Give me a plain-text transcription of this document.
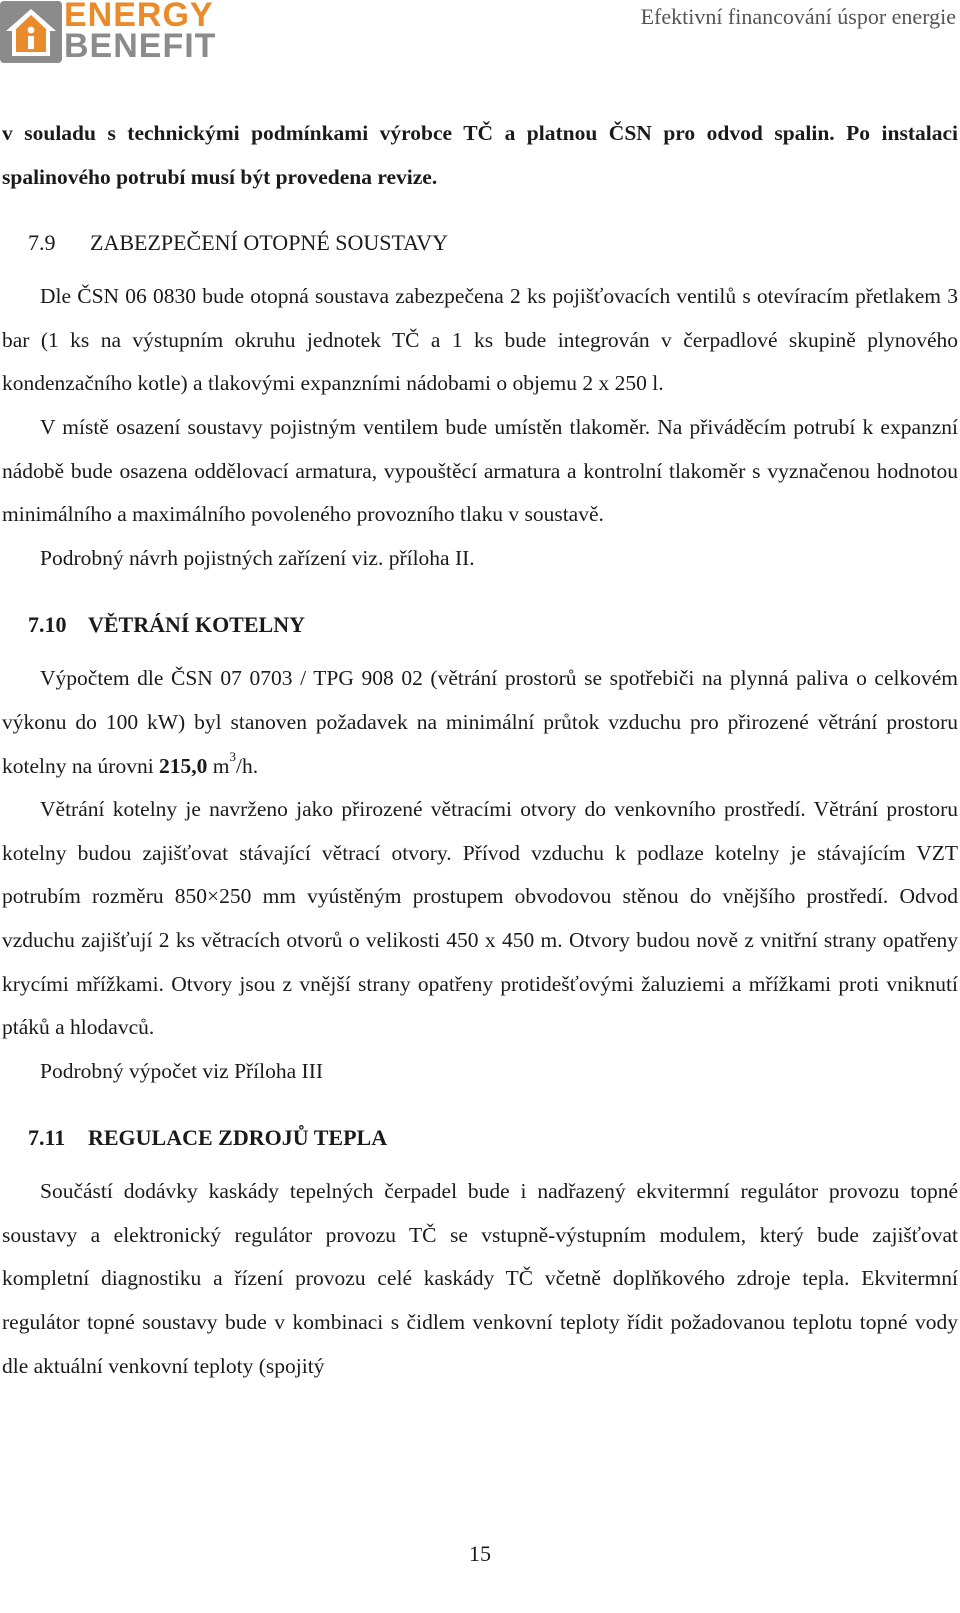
ENERGY
BENEFIT
Efektivní financování úspor energie

v souladu s technickými podmínkami výrobce TČ a platnou ČSN pro odvod spalin. Po instalaci spalinového potrubí musí být provedena revize.

7.9 ZABEZPEČENÍ OTOPNÉ SOUSTAVY

Dle ČSN 06 0830 bude otopná soustava zabezpečena 2 ks pojišťovacích ventilů s otevíracím přetlakem 3 bar (1 ks na výstupním okruhu jednotek TČ a 1 ks bude integrován v čerpadlové skupině plynového kondenzačního kotle) a tlakovými expanzními nádobami o objemu 2 x 250 l.

V místě osazení soustavy pojistným ventilem bude umístěn tlakoměr. Na přiváděcím potrubí k expanzní nádobě bude osazena oddělovací armatura, vypouštěcí armatura a kontrolní tlakoměr s vyznačenou hodnotou minimálního a maximálního povoleného provozního tlaku v soustavě.

Podrobný návrh pojistných zařízení viz. příloha II.

7.10 VĚTRÁNÍ KOTELNY

Výpočtem dle ČSN 07 0703 / TPG 908 02 (větrání prostorů se spotřebiči na plynná paliva o celkovém výkonu do 100 kW) byl stanoven požadavek na minimální průtok vzduchu pro přirozené větrání prostoru kotelny na úrovni 215,0 $m^3/h$.

Větrání kotelny je navrženo jako přirozené větracími otvory do venkovního prostředí. Větrání prostoru kotelny budou zajišťovat stávající větrací otvory. Přívod vzduchu k podlaze kotelny je stávajícím VZT potrubím rozměru 850×250 mm vyústěným prostupem obvodovou stěnou do vnějšího prostředí. Odvod vzduchu zajišťují 2 ks větracích otvorů o velikosti 450 x 450 m. Otvory budou nově z vnitřní strany opatřeny krycími mřížkami. Otvory jsou z vnější strany opatřeny protidešťovými žaluziemi a mřížkami proti vniknutí ptáků a hlodavců.

Podrobný výpočet viz Příloha III

7.11 REGULACE ZDROJŮ TEPLA

Součástí dodávky kaskády tepelných čerpadel bude i nadřazený ekvitermní regulátor provozu topné soustavy a elektronický regulátor provozu TČ se vstupně-výstupním modulem, který bude zajišťovat kompletní diagnostiku a řízení provozu celé kaskády TČ včetně doplňkového zdroje tepla. Ekvitermní regulátor topné soustavy bude v kombinaci s čidlem venkovní teploty řídit požadovanou teplotu topné vody dle aktuální venkovní teploty (spojitý

15
